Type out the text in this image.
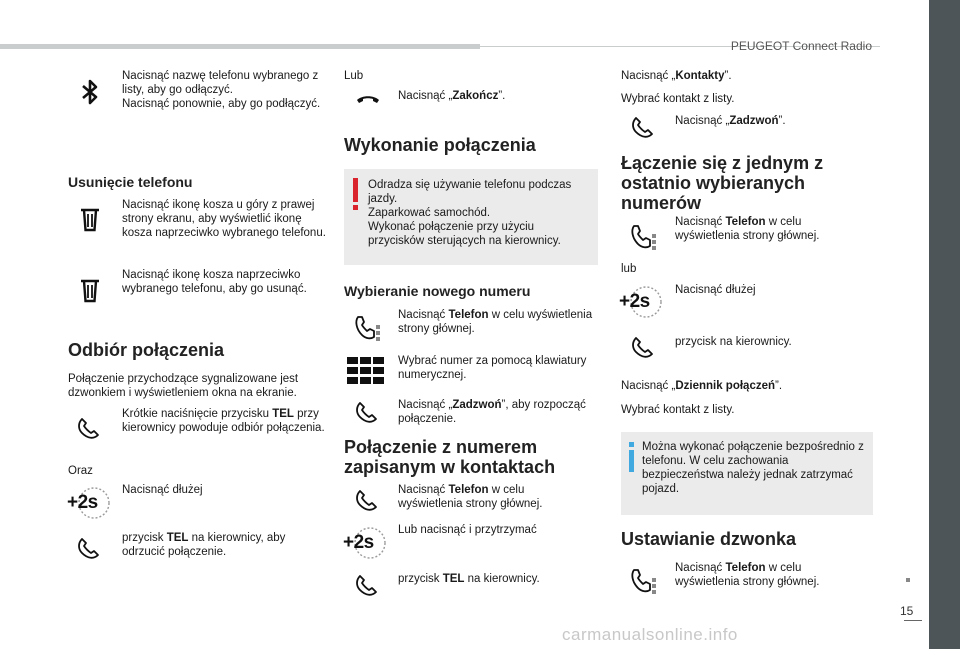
PEUGEOT Connect Radio
15
carmanualsonline.info
Nacisnąć nazwę telefonu wybranego z listy, aby go odłączyć.
Nacisnąć ponownie, aby go podłączyć.
Usunięcie telefonu
Nacisnąć ikonę kosza u góry z prawej strony ekranu, aby wyświetlić ikonę kosza naprzeciwko wybranego telefonu.
Nacisnąć ikonę kosza naprzeciwko wybranego telefonu, aby go usunąć.
Odbiór połączenia
Połączenie przychodzące sygnalizowane jest dzwonkiem i wyświetleniem okna na ekranie.
Krótkie naciśnięcie przycisku TEL przy kierownicy powoduje odbiór połączenia.
Oraz
+2s
Nacisnąć dłużej
przycisk TEL na kierownicy, aby odrzucić połączenie.
Lub
Nacisnąć „Zakończ”.
Wykonanie połączenia
Odradza się używanie telefonu podczas jazdy.
Zaparkować samochód.
Wykonać połączenie przy użyciu przycisków sterujących na kierownicy.
Wybieranie nowego numeru
Nacisnąć Telefon w celu wyświetlenia strony głównej.
Wybrać numer za pomocą klawiatury numerycznej.
Nacisnąć „Zadzwoń”, aby rozpocząć połączenie.
Połączenie z numerem zapisanym w kontaktach
Nacisnąć Telefon w celu wyświetlenia strony głównej.
+2s
Lub nacisnąć i przytrzymać
przycisk TEL na kierownicy.
Nacisnąć „Kontakty”.
Wybrać kontakt z listy.
Nacisnąć „Zadzwoń”.
Łączenie się z jednym z ostatnio wybieranych numerów
Nacisnąć Telefon w celu wyświetlenia strony głównej.
lub
+2s
Nacisnąć dłużej
przycisk na kierownicy.
Nacisnąć „Dziennik połączeń”.
Wybrać kontakt z listy.
Można wykonać połączenie bezpośrednio z telefonu. W celu zachowania bezpieczeństwa należy jednak zatrzymać pojazd.
Ustawianie dzwonka
Nacisnąć Telefon w celu wyświetlenia strony głównej.
